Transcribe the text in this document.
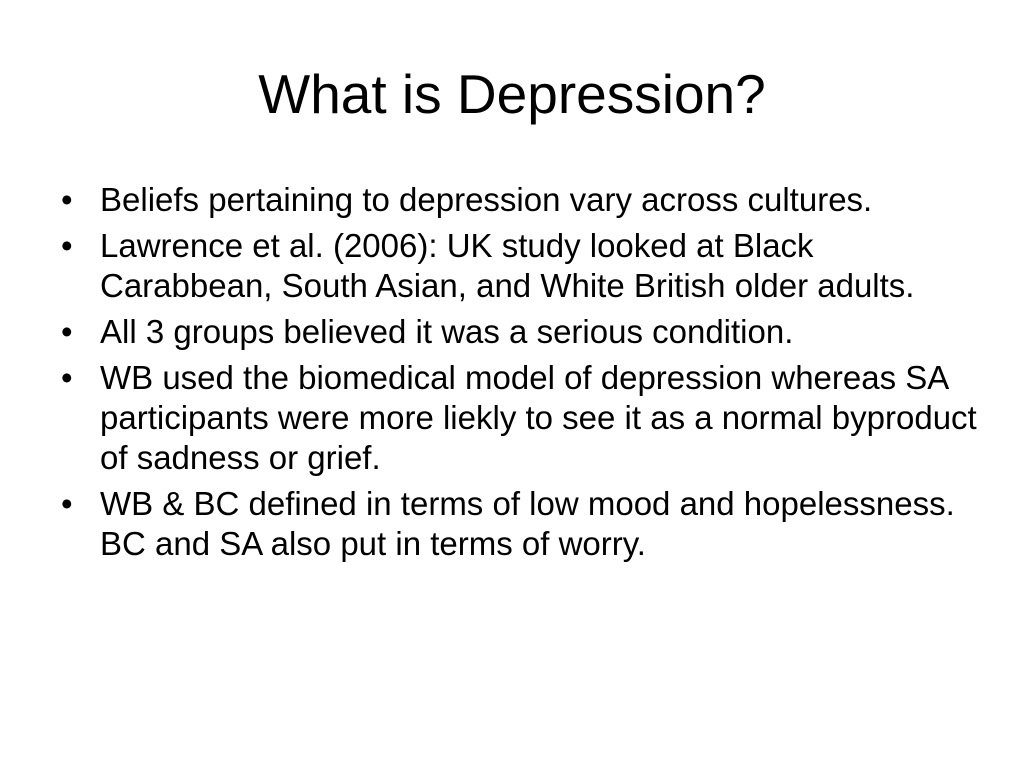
What is Depression?
• Beliefs pertaining to depression vary across cultures.
• Lawrence et al. (2006): UK study looked at Black Carabbean, South Asian, and White British older adults.
• All 3 groups believed it was a serious condition.
• WB used the biomedical model of depression whereas SA participants were more liekly to see it as a normal byproduct of sadness or grief.
• WB & BC defined in terms of low mood and hopelessness.  BC and SA also put in terms of worry.
